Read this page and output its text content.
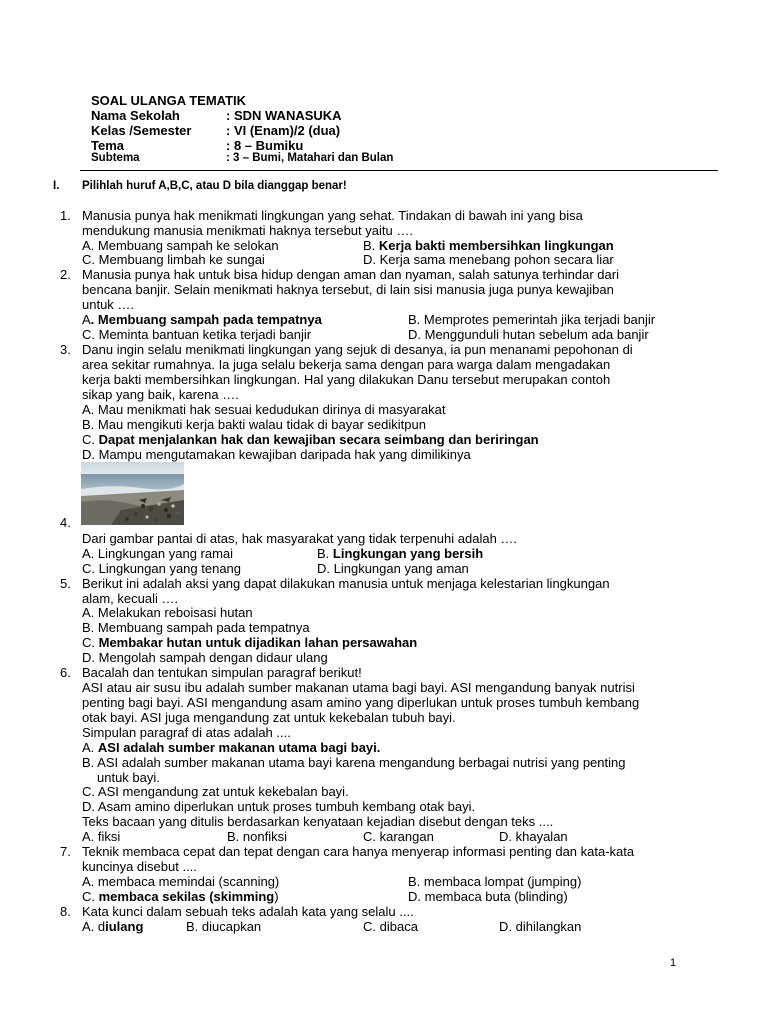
SOAL ULANGA TEMATIK
Nama Sekolah	: SDN WANASUKA
Kelas /Semester	: VI (Enam)/2 (dua)
Tema	: 8 – Bumiku
Subtema	: 3 – Bumi, Matahari dan Bulan
I. Pilihlah huruf A,B,C, atau D bila dianggap benar!
1. Manusia punya hak menikmati lingkungan yang sehat. Tindakan di bawah ini yang bisa
mendukung manusia menikmati haknya tersebut yaitu ….
A. Membuang sampah ke selokan	B. Kerja bakti membersihkan lingkungan
C. Membuang limbah ke sungai	D. Kerja sama menebang pohon secara liar
2. Manusia punya hak untuk bisa hidup dengan aman dan nyaman, salah satunya terhindar dari
bencana banjir. Selain menikmati haknya tersebut, di lain sisi manusia juga punya kewajiban
untuk ….
A. Membuang sampah pada tempatnya	B. Memprotes pemerintah jika terjadi banjir
C. Meminta bantuan ketika terjadi banjir	D. Menggunduli hutan sebelum ada banjir
3. Danu ingin selalu menikmati lingkungan yang sejuk di desanya, ia pun menanami pepohonan di
area sekitar rumahnya. Ia juga selalu bekerja sama dengan para warga dalam mengadakan
kerja bakti membersihkan lingkungan. Hal yang dilakukan Danu tersebut merupakan contoh
sikap yang baik, karena ….
A. Mau menikmati hak sesuai kedudukan dirinya di masyarakat
B. Mau mengikuti kerja bakti walau tidak di bayar sedikitpun
C. Dapat menjalankan hak dan kewajiban secara seimbang dan beriringan
D. Mampu mengutamakan kewajiban daripada hak yang dimilikinya
4.
Dari gambar pantai di atas, hak masyarakat yang tidak terpenuhi adalah ….
A. Lingkungan yang ramai	B. Lingkungan yang bersih
C. Lingkungan yang tenang	D. Lingkungan yang aman
5. Berikut ini adalah aksi yang dapat dilakukan manusia untuk menjaga kelestarian lingkungan
alam, kecuali ….
A. Melakukan reboisasi hutan
B. Membuang sampah pada tempatnya
C. Membakar hutan untuk dijadikan lahan persawahan
D. Mengolah sampah dengan didaur ulang
6. Bacalah dan tentukan simpulan paragraf berikut!
ASI atau air susu ibu adalah sumber makanan utama bagi bayi. ASI mengandung banyak nutrisi
penting bagi bayi. ASI mengandung asam amino yang diperlukan untuk proses tumbuh kembang
otak bayi. ASI juga mengandung zat untuk kekebalan tubuh bayi.
Simpulan paragraf di atas adalah ....
A. ASI adalah sumber makanan utama bagi bayi.
B. ASI adalah sumber makanan utama bayi karena mengandung berbagai nutrisi yang penting
untuk bayi.
C. ASI mengandung zat untuk kekebalan bayi.
D. Asam amino diperlukan untuk proses tumbuh kembang otak bayi.
Teks bacaan yang ditulis berdasarkan kenyataan kejadian disebut dengan teks ....
A. fiksi	B. nonfiksi	C. karangan	D. khayalan
7. Teknik membaca cepat dan tepat dengan cara hanya menyerap informasi penting dan kata-kata
kuncinya disebut ....
A. membaca memindai (scanning)	B. membaca lompat (jumping)
C. membaca sekilas (skimming)	D. membaca buta (blinding)
8. Kata kunci dalam sebuah teks adalah kata yang selalu ....
A. diulang	B. diucapkan	C. dibaca	D. dihilangkan
1
